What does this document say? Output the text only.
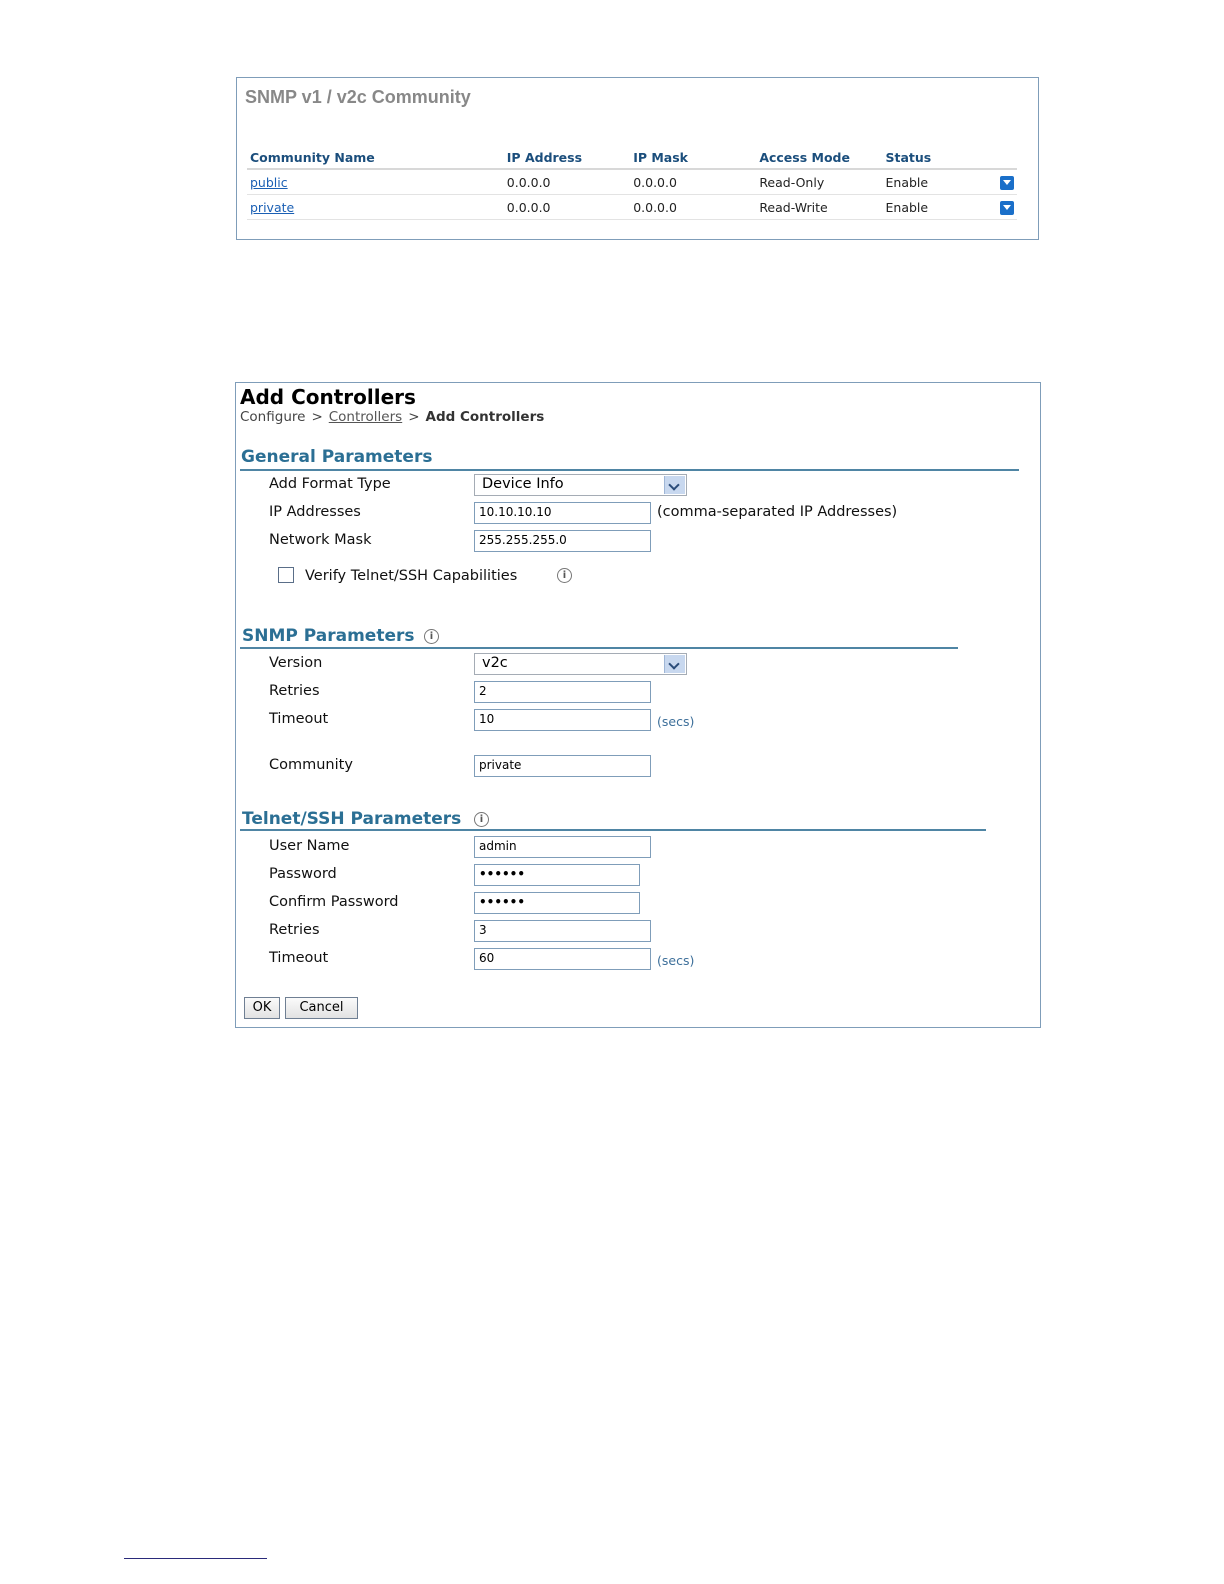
SNMP v1 / v2c Community
Community Name	IP Address	IP Mask	Access Mode	Status	
public	0.0.0.0	0.0.0.0	Read-Only	Enable	
private	0.0.0.0	0.0.0.0	Read-Write	Enable	
Add Controllers
Configure > Controllers > Add Controllers
General Parameters
Add Format Type	Device Info
IP Addresses	10.10.10.10	(comma-separated IP Addresses)
Network Mask	255.255.255.0
Verify Telnet/SSH Capabilities	i
SNMP Parameters	i
Version	v2c
Retries	2
Timeout	10	(secs)
Community	private
Telnet/SSH Parameters	i
User Name	admin
Password	••••••
Confirm Password	••••••
Retries	3
Timeout	60	(secs)
OK	Cancel
